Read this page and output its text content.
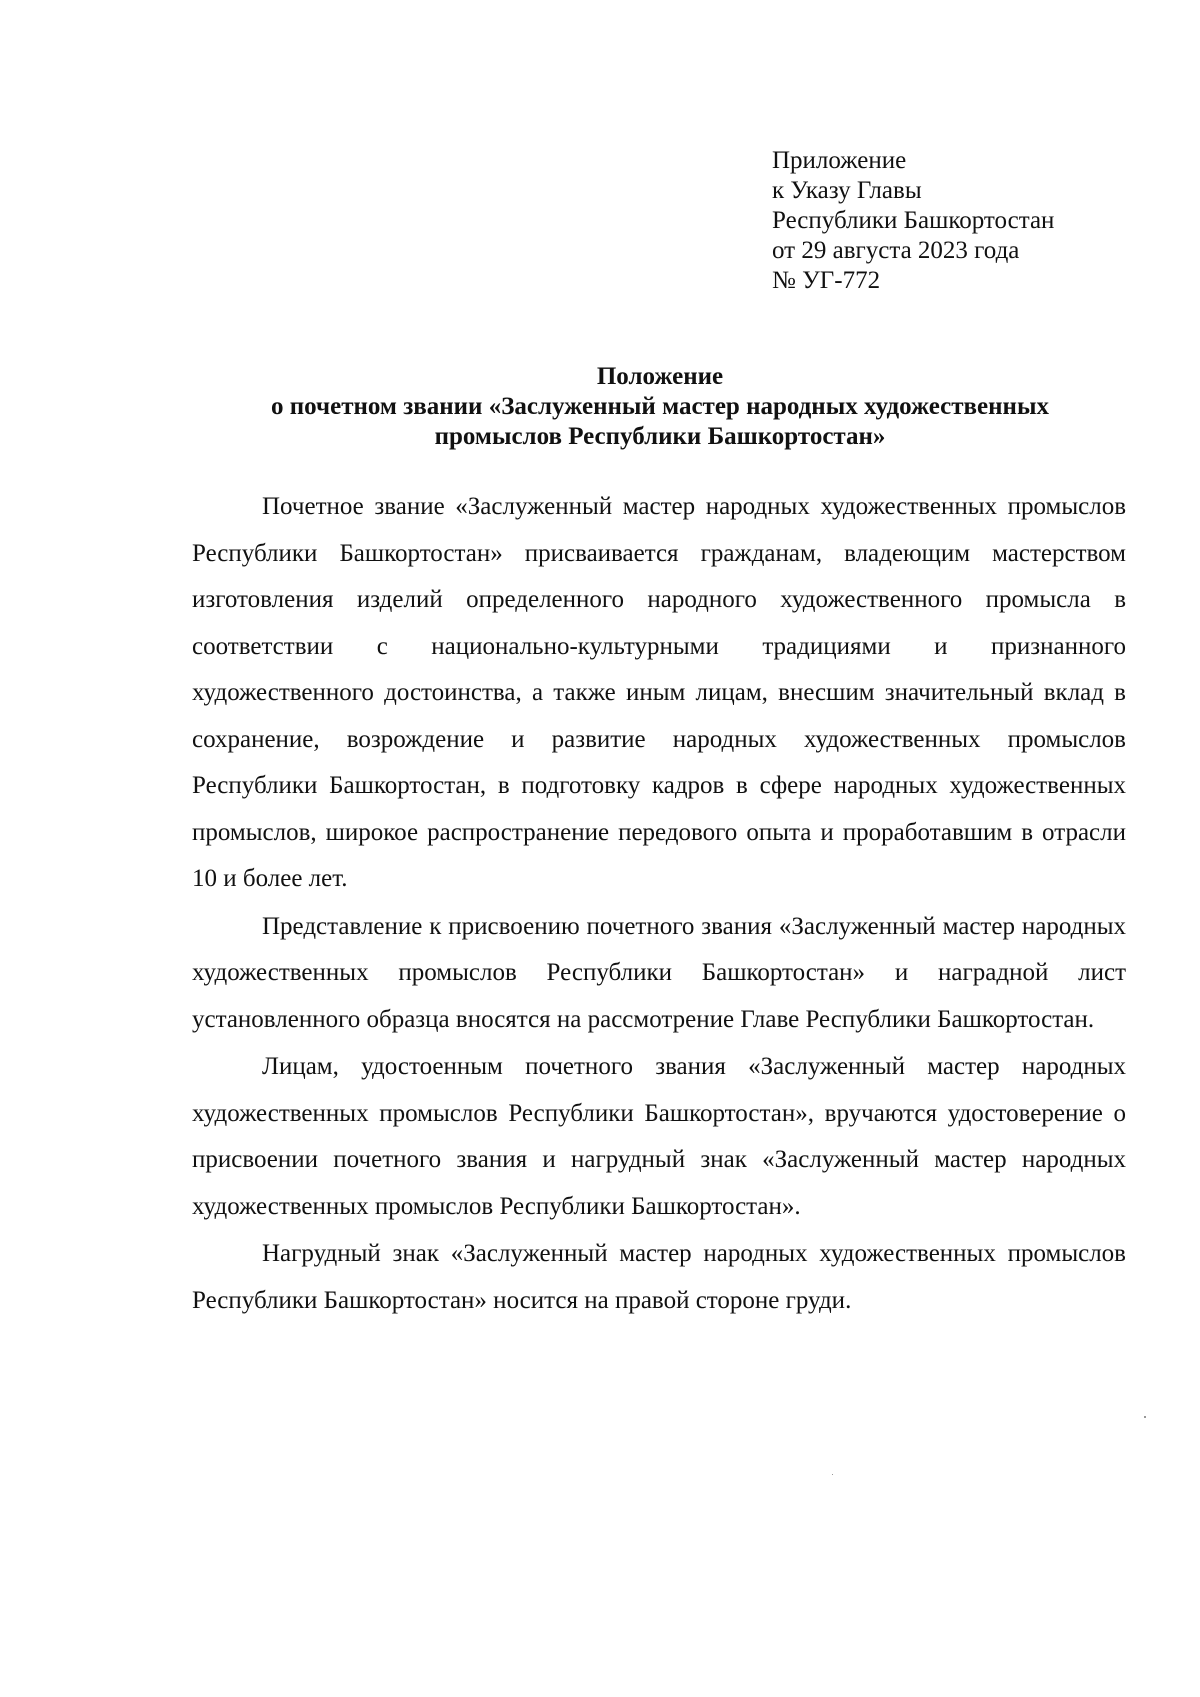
Приложение
к Указу Главы
Республики Башкортостан
от 29 августа 2023 года
№ УГ-772
Положение
о почетном звании «Заслуженный мастер народных художественных
промыслов Республики Башкортостан»

Почетное звание «Заслуженный мастер народных художественных промыслов Республики Башкортостан» присваивается гражданам, владеющим мастерством изготовления изделий определенного народного художественного промысла в соответствии с национально-культурными традициями и признанного художественного достоинства, а также иным лицам, внесшим значительный вклад в сохранение, возрождение и развитие народных художественных промыслов Республики Башкортостан, в подготовку кадров в сфере народных художественных промыслов, широкое распространение передового опыта и проработавшим в отрасли 10 и более лет.

Представление к присвоению почетного звания «Заслуженный мастер народных художественных промыслов Республики Башкортостан» и наградной лист установленного образца вносятся на рассмотрение Главе Республики Башкортостан.

Лицам, удостоенным почетного звания «Заслуженный мастер народных художественных промыслов Республики Башкортостан», вручаются удостоверение о присвоении почетного звания и нагрудный знак «Заслуженный мастер народных художественных промыслов Республики Башкортостан».

Нагрудный знак «Заслуженный мастер народных художественных промыслов Республики Башкортостан» носится на правой стороне груди.
